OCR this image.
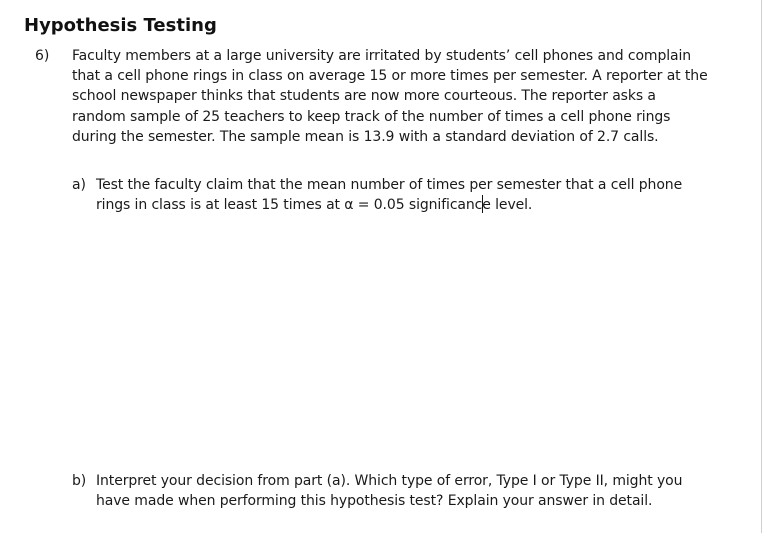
Hypothesis Testing
6) Faculty members at a large university are irritated by students’ cell phones and complain that a cell phone rings in class on average 15 or more times per semester. A reporter at the school newspaper thinks that students are now more courteous. The reporter asks a random sample of 25 teachers to keep track of the number of times a cell phone rings during the semester. The sample mean is 13.9 with a standard deviation of 2.7 calls.

a) Test the faculty claim that the mean number of times per semester that a cell phone rings in class is at least 15 times at α = 0.05 significance level.
b) Interpret your decision from part (a). Which type of error, Type I or Type II, might you have made when performing this hypothesis test? Explain your answer in detail.
